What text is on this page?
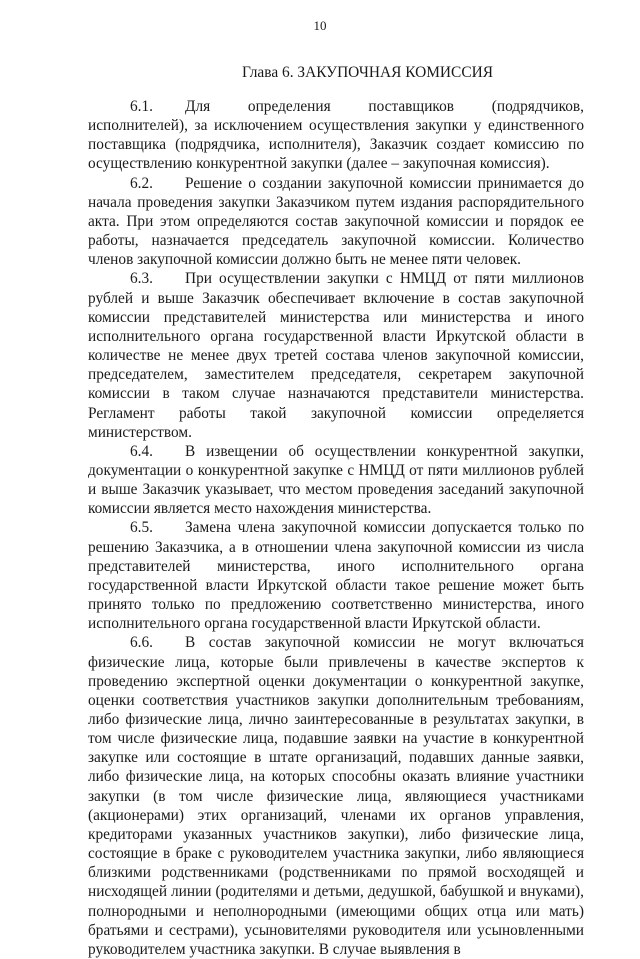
10
Глава 6. ЗАКУПОЧНАЯ КОМИССИЯ

6.1. Для определения поставщиков (подрядчиков, исполнителей), за исключением осуществления закупки у единственного поставщика (подрядчика, исполнителя), Заказчик создает комиссию по осуществлению конкурентной закупки (далее – закупочная комиссия).

6.2. Решение о создании закупочной комиссии принимается до начала проведения закупки Заказчиком путем издания распорядительного акта. При этом определяются состав закупочной комиссии и порядок ее работы, назначается председатель закупочной комиссии. Количество членов закупочной комиссии должно быть не менее пяти человек.

6.3. При осуществлении закупки с НМЦД от пяти миллионов рублей и выше Заказчик обеспечивает включение в состав закупочной комиссии представителей министерства или министерства и иного исполнительного органа государственной власти Иркутской области в количестве не менее двух третей состава членов закупочной комиссии, председателем, заместителем председателя, секретарем закупочной комиссии в таком случае назначаются представители министерства. Регламент работы такой закупочной комиссии определяется министерством.

6.4. В извещении об осуществлении конкурентной закупки, документации о конкурентной закупке с НМЦД от пяти миллионов рублей и выше Заказчик указывает, что местом проведения заседаний закупочной комиссии является место нахождения министерства.

6.5. Замена члена закупочной комиссии допускается только по решению Заказчика, а в отношении члена закупочной комиссии из числа представителей министерства, иного исполнительного органа государственной власти Иркутской области такое решение может быть принято только по предложению соответственно министерства, иного исполнительного органа государственной власти Иркутской области.

6.6. В состав закупочной комиссии не могут включаться физические лица, которые были привлечены в качестве экспертов к проведению экспертной оценки документации о конкурентной закупке, оценки соответствия участников закупки дополнительным требованиям, либо физические лица, лично заинтересованные в результатах закупки, в том числе физические лица, подавшие заявки на участие в конкурентной закупке или состоящие в штате организаций, подавших данные заявки, либо физические лица, на которых способны оказать влияние участники закупки (в том числе физические лица, являющиеся участниками (акционерами) этих организаций, членами их органов управления, кредиторами указанных участников закупки), либо физические лица, состоящие в браке с руководителем участника закупки, либо являющиеся близкими родственниками (родственниками по прямой восходящей и нисходящей линии (родителями и детьми, дедушкой, бабушкой и внуками), полнородными и неполнородными (имеющими общих отца или мать) братьями и сестрами), усыновителями руководителя или усыновленными руководителем участника закупки. В случае выявления в
